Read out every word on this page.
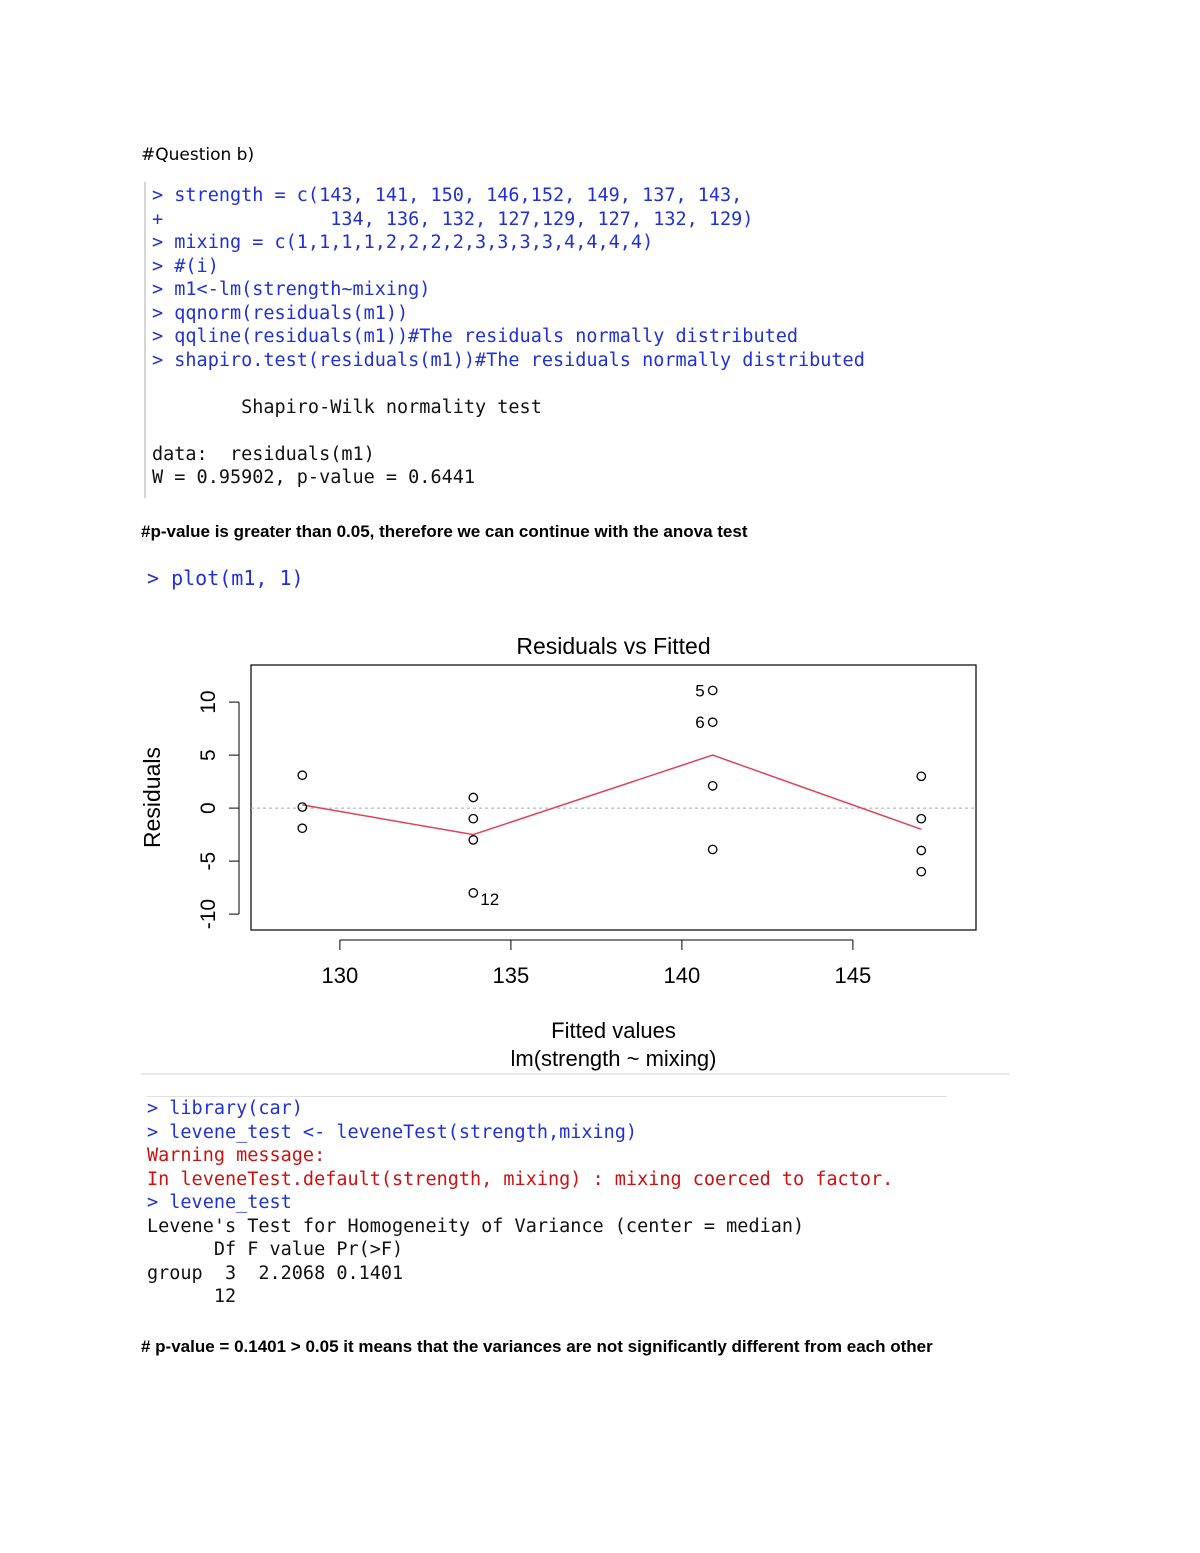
#Question b)
> strength = c(143, 141, 150, 146,152, 149, 137, 143,
+               134, 136, 132, 127,129, 127, 132, 129)
> mixing = c(1,1,1,1,2,2,2,2,3,3,3,3,4,4,4,4)
> #(i)
> m1<-lm(strength~mixing)
> qqnorm(residuals(m1))
> qqline(residuals(m1))#The residuals normally distributed
> shapiro.test(residuals(m1))#The residuals normally distributed
Shapiro-Wilk normality test
data:  residuals(m1)
W = 0.95902, p-value = 0.6441
#p-value is greater than 0.05, therefore we can continue with the anova test
> plot(m1, 1)
Residuals vs Fitted
130	135	140	145
-10
-5
0
5
10
Residuals
Fitted values
lm(strength ~ mixing)
12
5
6
> library(car)
> levene_test <- leveneTest(strength,mixing)
Warning message:
In leveneTest.default(strength, mixing) : mixing coerced to factor.
> levene_test
Levene's Test for Homogeneity of Variance (center = median)
Df F value Pr(>F)
group  3  2.2068 0.1401
12
# p-value = 0.1401 > 0.05 it means that the variances are not significantly different from each other
